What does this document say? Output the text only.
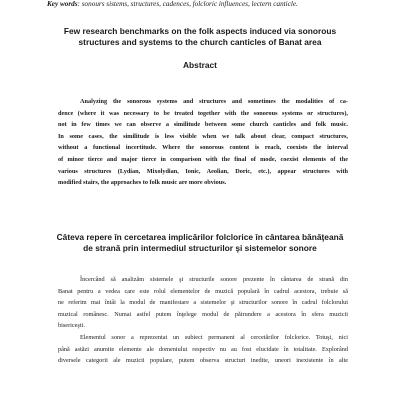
Key words: sonours sistems, structures, cadences, folcloric influences, lectern canticle.
Few research benchmarks on the folk aspects induced via sonorous
structures and systems to the church canticles of Banat area
Abstract
Analyzing the sonorous systems and structures and sometimes the modalities of ca-
dence (where it was necessary to be treated together with the sonorous systems or structures),
not in few times we can observe a similitude between some church canticles and folk music.
In some cases, the similitude is less visible when we talk about clear, compact structures,
without a functional incertitude. Where the sonorous content is reach, coexists the interval
of minor tierce and major tierce in comparison with the final of mode, coexist elements of the
various structures (Lydian, Mixolydian, Ionic, Aeolian, Doric, etc.), appear structures with
modified stairs, the approaches to folk music are more obvious.
Câteva repere în cercetarea implicărilor folclorice în cântarea bănăţeană
de strană prin intermediul structurilor şi sistemelor sonore
Încercând să analizăm sistemele şi structurile sonore prezente în cântarea de strană din
Banat pentru a vedea care este rolul elementelor de muzică populară în cadrul acestora, trebuie să
ne referim mai întâi la modul de manifestare a sistemelor şi structurilor sonore în cadrul folclorului
muzical românesc. Numai astfel putem înţelege modul de pătrundere a acestora în sfera muzicii
bisericeşti.
Elementul sonor a reprezentat un subiect permanent al cercetărilor folclorice. Totuşi, nici
până astăzi anumite elemente ale domeniului respectiv nu au fost elucidate în totalitate. Explorând
diversele categorii ale muzicii populare, putem observa structuri inedite, uneori inexistente în alte
